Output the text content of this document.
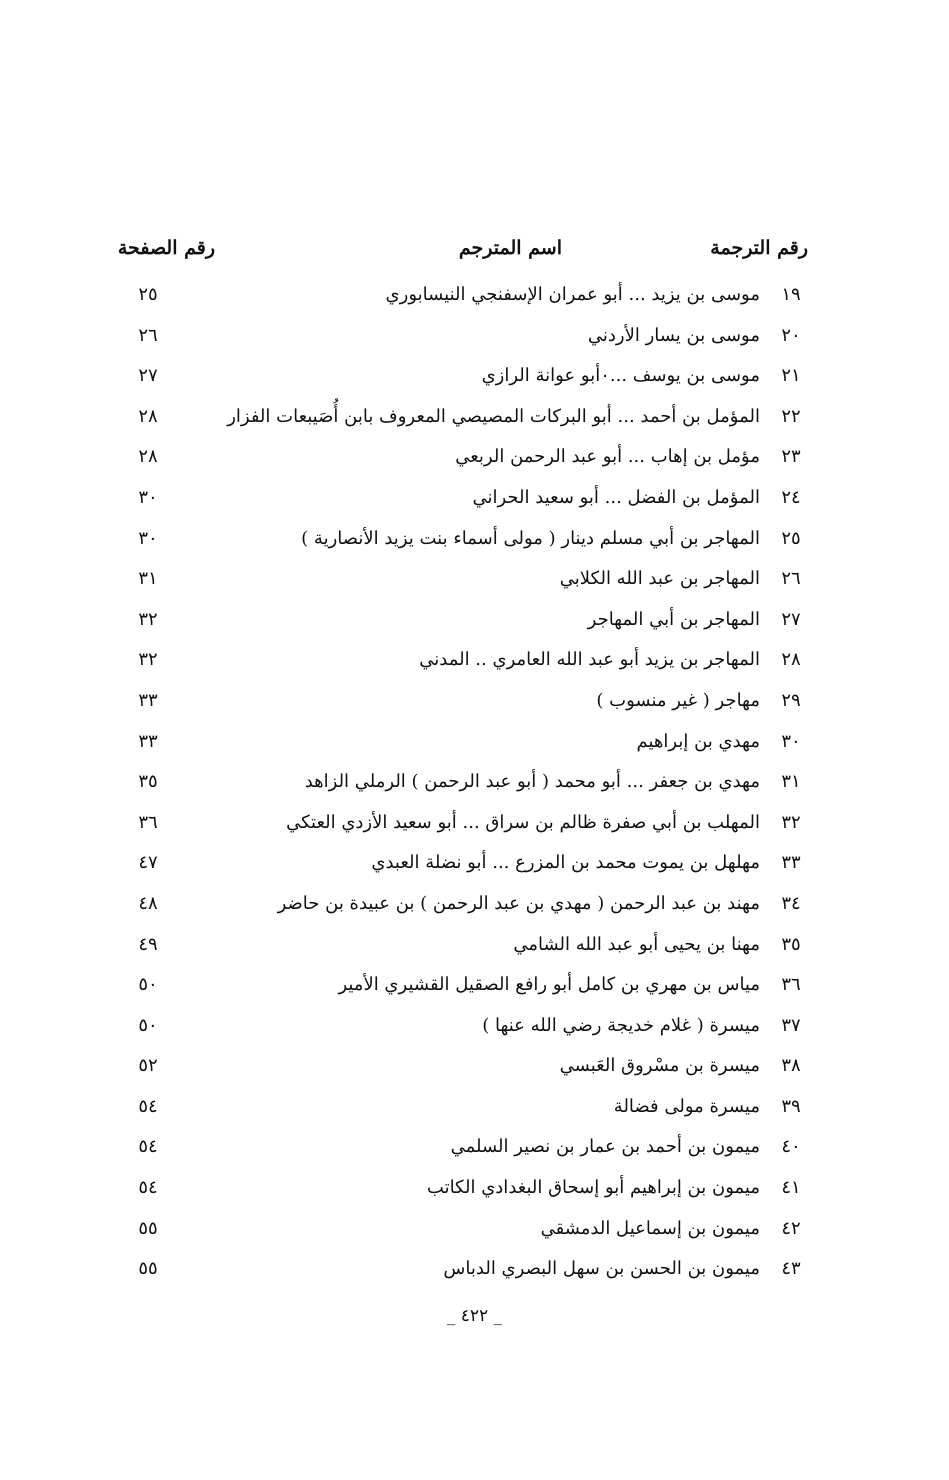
رقم الترجمة
اسم المترجم
رقم الصفحة
١٩
موسى بن يزيد ... أبو عمران الإسفنجي النيسابوري
٢٥
٢٠
موسى بن يسار الأردني
٢٦
٢١
موسى بن يوسف ...٠أبو عوانة الرازي
٢٧
٢٢
المؤمل بن أحمد ... أبو البركات المصيصي المعروف بابن أُصَيبعات الفزار
٢٨
٢٣
مؤمل بن إهاب ... أبو عبد الرحمن الربعي
٢٨
٢٤
المؤمل بن الفضل ... أبو سعيد الحراني
٣٠
٢٥
المهاجر بن أبي مسلم دينار ( مولى أسماء بنت يزيد الأنصارية )
٣٠
٢٦
المهاجر بن عبد الله الكلابي
٣١
٢٧
المهاجر بن أبي المهاجر
٣٢
٢٨
المهاجر بن يزيد أبو عبد الله العامري .. المدني
٣٢
٢٩
مهاجر ( غير منسوب )
٣٣
٣٠
مهدي بن إبراهيم
٣٣
٣١
مهدي بن جعفر ... أبو محمد ( أبو عبد الرحمن ) الرملي الزاهد
٣٥
٣٢
المهلب بن أبي صفرة ظالم بن سراق ... أبو سعيد الأزدي العتكي
٣٦
٣٣
مهلهل بن يموت محمد بن المزرع ... أبو نضلة العبدي
٤٧
٣٤
مهند بن عبد الرحمن ( مهدي بن عبد الرحمن ) بن عبيدة بن حاضر
٤٨
٣٥
مهنا بن يحيى أبو عبد الله الشامي
٤٩
٣٦
مياس بن مهري بن كامل أبو رافع الصقيل القشيري الأمير
٥٠
٣٧
ميسرة ( غلام خديجة رضي الله عنها )
٥٠
٣٨
ميسرة بن مسْروق العَبسي
٥٢
٣٩
ميسرة مولى فضالة
٥٤
٤٠
ميمون بن أحمد بن عمار بن نصير السلمي
٥٤
٤١
ميمون بن إبراهيم أبو إسحاق البغدادي الكاتب
٥٤
٤٢
ميمون بن إسماعيل الدمشقي
٥٥
٤٣
ميمون بن الحسن بن سهل البصري الدباس
٥٥
_ ٤٢٢ _
